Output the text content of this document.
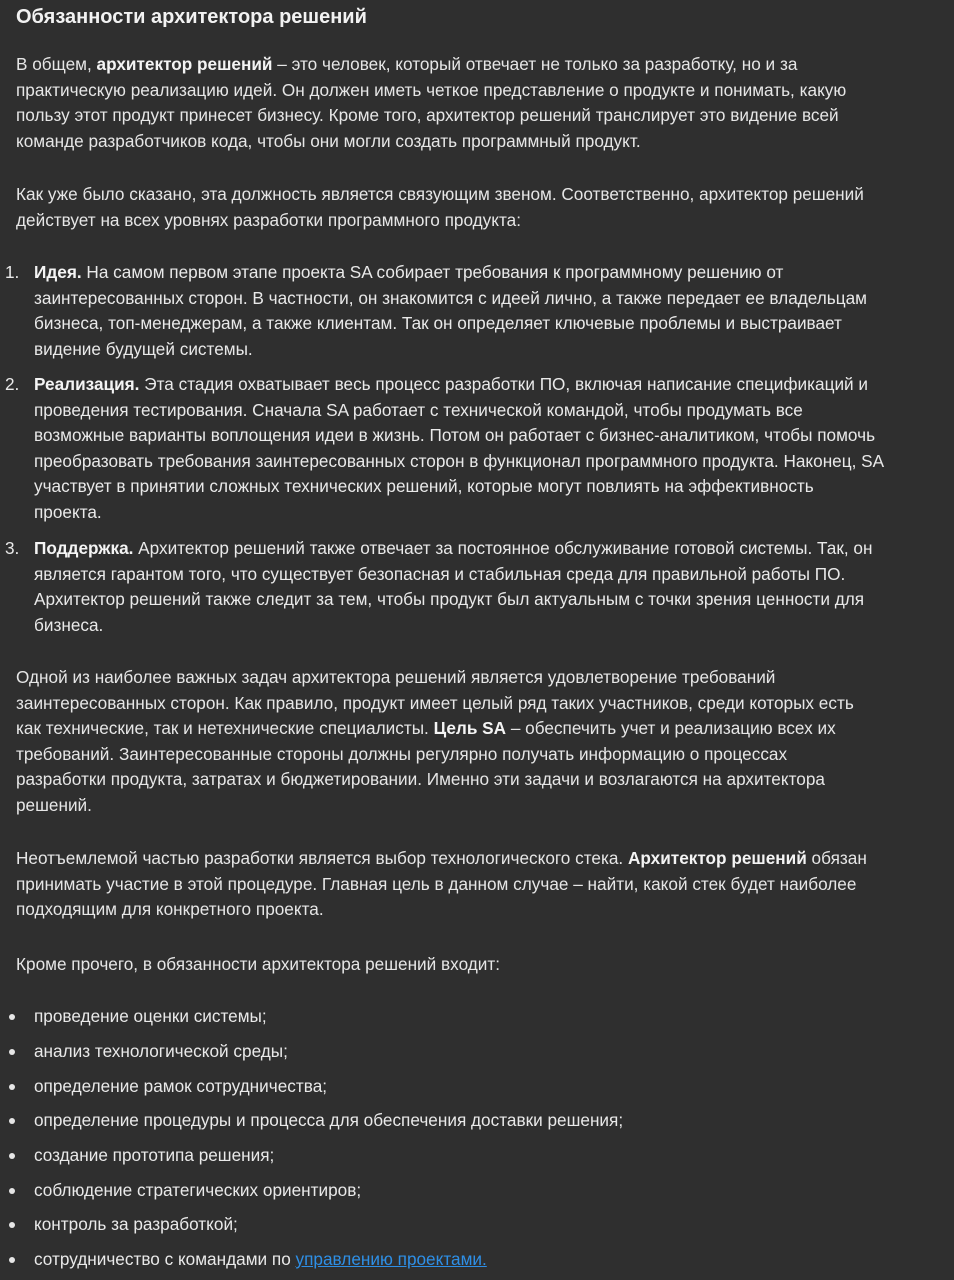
Обязанности архитектора решений
В общем, архитектор решений – это человек, который отвечает не только за разработку, но и за
практическую реализацию идей. Он должен иметь четкое представление о продукте и понимать, какую
пользу этот продукт принесет бизнесу. Кроме того, архитектор решений транслирует это видение всей
команде разработчиков кода, чтобы они могли создать программный продукт.
Как уже было сказано, эта должность является связующим звеном. Соответственно, архитектор решений
действует на всех уровнях разработки программного продукта:
1. Идея. На самом первом этапе проекта SA собирает требования к программному решению от
заинтересованных сторон. В частности, он знакомится с идеей лично, а также передает ее владельцам
бизнеса, топ-менеджерам, а также клиентам. Так он определяет ключевые проблемы и выстраивает
видение будущей системы.
2. Реализация. Эта стадия охватывает весь процесс разработки ПО, включая написание спецификаций и
проведения тестирования. Сначала SA работает с технической командой, чтобы продумать все
возможные варианты воплощения идеи в жизнь. Потом он работает с бизнес-аналитиком, чтобы помочь
преобразовать требования заинтересованных сторон в функционал программного продукта. Наконец, SA
участвует в принятии сложных технических решений, которые могут повлиять на эффективность
проекта.
3. Поддержка. Архитектор решений также отвечает за постоянное обслуживание готовой системы. Так, он
является гарантом того, что существует безопасная и стабильная среда для правильной работы ПО.
Архитектор решений также следит за тем, чтобы продукт был актуальным с точки зрения ценности для
бизнеса.
Одной из наиболее важных задач архитектора решений является удовлетворение требований
заинтересованных сторон. Как правило, продукт имеет целый ряд таких участников, среди которых есть
как технические, так и нетехнические специалисты. Цель SA – обеспечить учет и реализацию всех их
требований. Заинтересованные стороны должны регулярно получать информацию о процессах
разработки продукта, затратах и бюджетировании. Именно эти задачи и возлагаются на архитектора
решений.
Неотъемлемой частью разработки является выбор технологического стека. Архитектор решений обязан
принимать участие в этой процедуре. Главная цель в данном случае – найти, какой стек будет наиболее
подходящим для конкретного проекта.
Кроме прочего, в обязанности архитектора решений входит:
проведение оценки системы;
анализ технологической среды;
определение рамок сотрудничества;
определение процедуры и процесса для обеспечения доставки решения;
создание прототипа решения;
соблюдение стратегических ориентиров;
контроль за разработкой;
сотрудничество с командами по управлению проектами.
